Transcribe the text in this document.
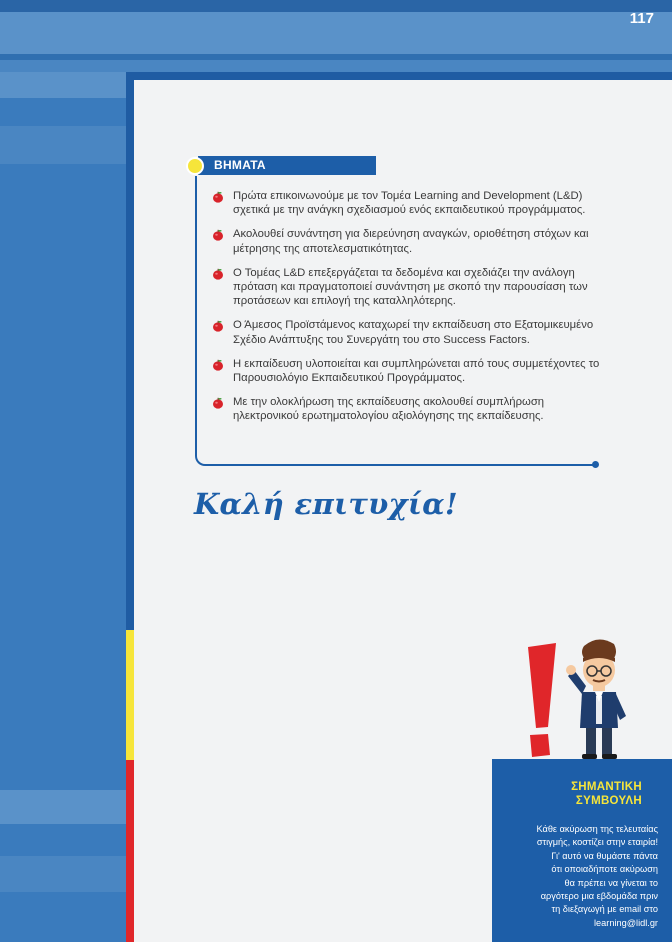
117
ΒΗΜΑΤΑ
Πρώτα επικοινωνούμε με τον Τομέα Learning and Development (L&D) σχετικά με την ανάγκη σχεδιασμού ενός εκπαιδευτικού προγράμματος.
Ακολουθεί συνάντηση για διερεύνηση αναγκών, οριοθέτηση στόχων και μέτρησης της αποτελεσματικότητας.
Ο Τομέας L&D επεξεργάζεται τα δεδομένα και σχεδιάζει την ανάλογη πρόταση και πραγματοποιεί συνάντηση με σκοπό την παρουσίαση των προτάσεων και επιλογή της καταλληλότερης.
Ο Άμεσος Προϊστάμενος καταχωρεί την εκπαίδευση στο Εξατομικευμένο Σχέδιο Ανάπτυξης του Συνεργάτη του στο Success Factors.
Η εκπαίδευση υλοποιείται και συμπληρώνεται από τους συμμετέχοντες το Παρουσιολόγιο Εκπαιδευτικού Προγράμματος.
Με την ολοκλήρωση της εκπαίδευσης ακολουθεί συμπλήρωση ηλεκτρονικού ερωτηματολογίου αξιολόγησης της εκπαίδευσης.
Καλή επιτυχία!
ΣΗΜΑΝΤΙΚΗ
ΣΥΜΒΟΥΛΗ
Κάθε ακύρωση της τελευταίας
στιγμής, κοστίζει στην εταιρία!
Γι' αυτό να θυμάστε πάντα
ότι οποιαδήποτε ακύρωση
θα πρέπει να γίνεται το
αργότερο μια εβδομάδα πριν
τη διεξαγωγή με email στο
learning@lidl.gr
